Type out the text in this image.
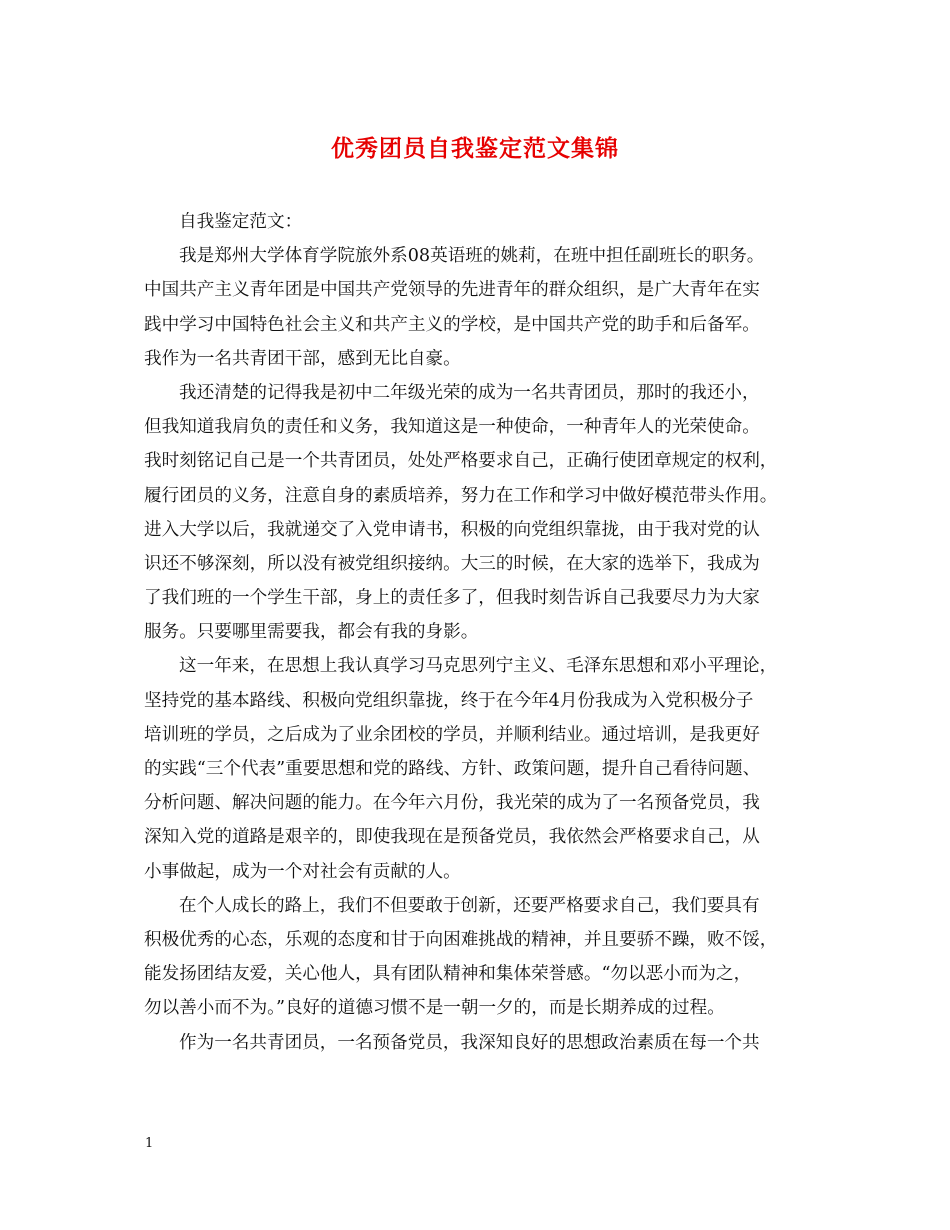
优秀团员自我鉴定范文集锦
自我鉴定范文：
我是郑州大学体育学院旅外系08英语班的姚莉，在班中担任副班长的职务。
中国共产主义青年团是中国共产党领导的先进青年的群众组织，是广大青年在实
践中学习中国特色社会主义和共产主义的学校，是中国共产党的助手和后备军。
我作为一名共青团干部，感到无比自豪。
我还清楚的记得我是初中二年级光荣的成为一名共青团员，那时的我还小，
但我知道我肩负的责任和义务，我知道这是一种使命，一种青年人的光荣使命。
我时刻铭记自己是一个共青团员，处处严格要求自己，正确行使团章规定的权利，
履行团员的义务，注意自身的素质培养，努力在工作和学习中做好模范带头作用。
进入大学以后，我就递交了入党申请书，积极的向党组织靠拢，由于我对党的认
识还不够深刻，所以没有被党组织接纳。大三的时候，在大家的选举下，我成为
了我们班的一个学生干部，身上的责任多了，但我时刻告诉自己我要尽力为大家
服务。只要哪里需要我，都会有我的身影。
这一年来，在思想上我认真学习马克思列宁主义、毛泽东思想和邓小平理论，
坚持党的基本路线、积极向党组织靠拢，终于在今年4月份我成为入党积极分子
培训班的学员，之后成为了业余团校的学员，并顺利结业。通过培训，是我更好
的实践“三个代表”重要思想和党的路线、方针、政策问题，提升自己看待问题、
分析问题、解决问题的能力。在今年六月份，我光荣的成为了一名预备党员，我
深知入党的道路是艰辛的，即使我现在是预备党员，我依然会严格要求自己，从
小事做起，成为一个对社会有贡献的人。
在个人成长的路上，我们不但要敢于创新，还要严格要求自己，我们要具有
积极优秀的心态，乐观的态度和甘于向困难挑战的精神，并且要骄不躁，败不馁，
能发扬团结友爱，关心他人，具有团队精神和集体荣誉感。“勿以恶小而为之，
勿以善小而不为。”良好的道德习惯不是一朝一夕的，而是长期养成的过程。
作为一名共青团员，一名预备党员，我深知良好的思想政治素质在每一个共
1
